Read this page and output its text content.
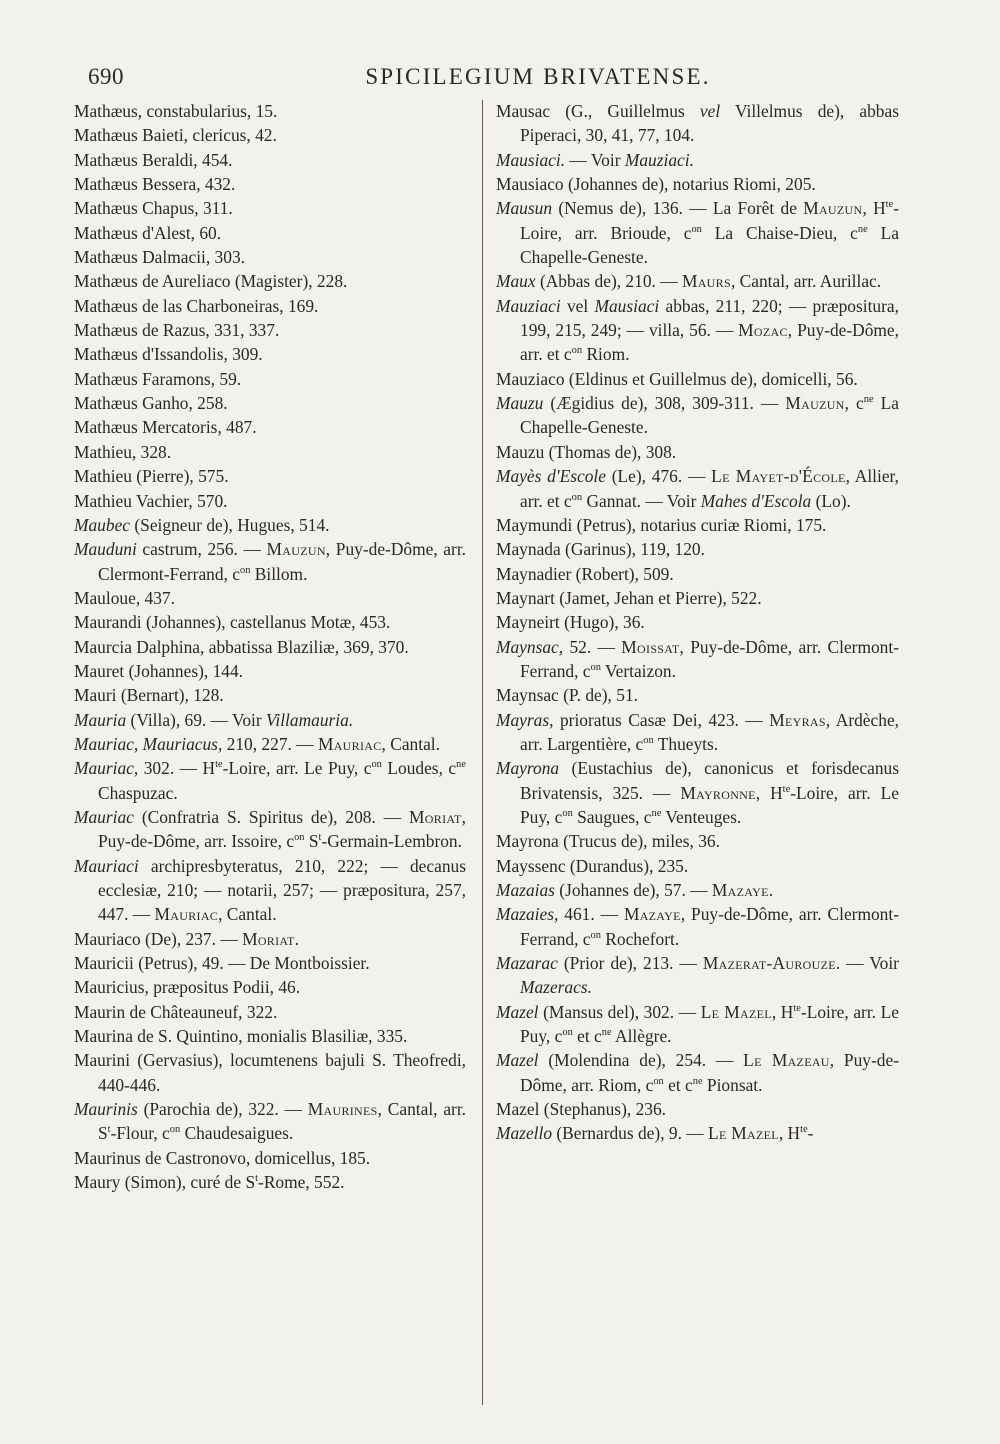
690	SPICILEGIUM BRIVATENSE.

Mathæus, constabularius, 15.

Mathæus Baieti, clericus, 42.

Mathæus Beraldi, 454.

Mathæus Bessera, 432.

Mathæus Chapus, 311.

Mathæus d'Alest, 60.

Mathæus Dalmacii, 303.

Mathæus de Aureliaco (Magister), 228.

Mathæus de las Charboneiras, 169.

Mathæus de Razus, 331, 337.

Mathæus d'Issandolis, 309.

Mathæus Faramons, 59.

Mathæus Ganho, 258.

Mathæus Mercatoris, 487.

Mathieu, 328.

Mathieu (Pierre), 575.

Mathieu Vachier, 570.

Maubec (Seigneur de), Hugues, 514.

Mauduni castrum, 256. — Mauzun, Puy-de-Dôme, arr. Clermont-Ferrand, $c^{on}$ Billom.

Mauloue, 437.

Maurandi (Johannes), castellanus Motæ, 453.

Maurcia Dalphina, abbatissa Blaziliæ, 369, 370.

Mauret (Johannes), 144.

Mauri (Bernart), 128.

Mauria (Villa), 69. — Voir Villamauria.

Mauriac, Mauriacus, 210, 227. — Mauriac, Cantal.

Mauriac, 302. — $H^{te}$-Loire, arr. Le Puy, $c^{on}$ Loudes, $c^{ne}$ Chaspuzac.

Mauriac (Confratria S. Spiritus de), 208. — Moriat, Puy-de-Dôme, arr. Issoire, $c^{on}$ $S^t-Germain$-Lembron.

Mauriaci archipresbyteratus, 210, 222; — decanus ecclesiæ, 210; — notarii, 257; — præpositura, 257, 447. — Mauriac, Cantal.

Mauriaco (De), 237. — Moriat.

Mauricii (Petrus), 49. — De Montboissier.

Mauricius, præpositus Podii, 46.

Maurin de Châteauneuf, 322.

Maurina de S. Quintino, monialis Blasiliæ, 335.

Maurini (Gervasius), locumtenens bajuli S. Theofredi, 440-446.

Maurinis (Parochia de), 322. — Maurines, Cantal, arr. $S^t$-Flour, $c^{on}$ Chaudesaigues.

Maurinus de Castronovo, domicellus, 185.

Maury (Simon), curé de $S^t$-Rome, 552.

Mausac (G., Guillelmus vel Villelmus de), abbas Piperaci, 30, 41, 77, 104.

Mausiaci. — Voir Mauziaci.

Mausiaco (Johannes de), notarius Riomi, 205.

Mausun (Nemus de), 136. — La Forêt de Mauzun, $H^{te}$-Loire, arr. Brioude, $c^{on}$ La Chaise-Dieu, $c^{ne}$ La Chapelle-Geneste.

Maux (Abbas de), 210. — Maurs, Cantal, arr. Aurillac.

Mauziaci vel Mausiaci abbas, 211, 220; — præpositura, 199, 215, 249; — villa, 56. — Mozac, Puy-de-Dôme, arr. et $c^{on}$ Riom.

Mauziaco (Eldinus et Guillelmus de), domicelli, 56.

Mauzu (Ægidius de), 308, 309-311. — Mauzun, $c^{ne}$ La Chapelle-Geneste.

Mauzu (Thomas de), 308.

Mayès d'Escole (Le), 476. — Le Mayet-d'École, Allier, arr. et $c^{on}$ Gannat. — Voir Mahes d'Escola (Lo).

Maymundi (Petrus), notarius curiæ Riomi, 175.

Maynada (Garinus), 119, 120.

Maynadier (Robert), 509.

Maynart (Jamet, Jehan et Pierre), 522.

Mayneirt (Hugo), 36.

Maynsac, 52. — Moissat, Puy-de-Dôme, arr. Clermont-Ferrand, $c^{on}$ Vertaizon.

Maynsac (P. de), 51.

Mayras, prioratus Casæ Dei, 423. — Meyras, Ardèche, arr. Largentière, $c^{on}$ Thueyts.

Mayrona (Eustachius de), canonicus et forisdecanus Brivatensis, 325. — Mayronne, $H^{te}$-Loire, arr. Le Puy, $c^{on}$ Saugues, $c^{ne}$ Venteuges.

Mayrona (Trucus de), miles, 36.

Mayssenc (Durandus), 235.

Mazaias (Johannes de), 57. — Mazaye.

Mazaies, 461. — Mazaye, Puy-de-Dôme, arr. Clermont-Ferrand, $c^{on}$ Rochefort.

Mazarac (Prior de), 213. — Mazerat-Aurouze. — Voir Mazeracs.

Mazel (Mansus del), 302. — Le Mazel, $H^{te}$-Loire, arr. Le Puy, $c^{on}$ et $c^{ne}$ Allègre.

Mazel (Molendina de), 254. — Le Mazeau, Puy-de-Dôme, arr. Riom, $c^{on}$ et $c^{ne}$ Pionsat.

Mazel (Stephanus), 236.

Mazello (Bernardus de), 9. — Le Mazel, $H^{te}-$
